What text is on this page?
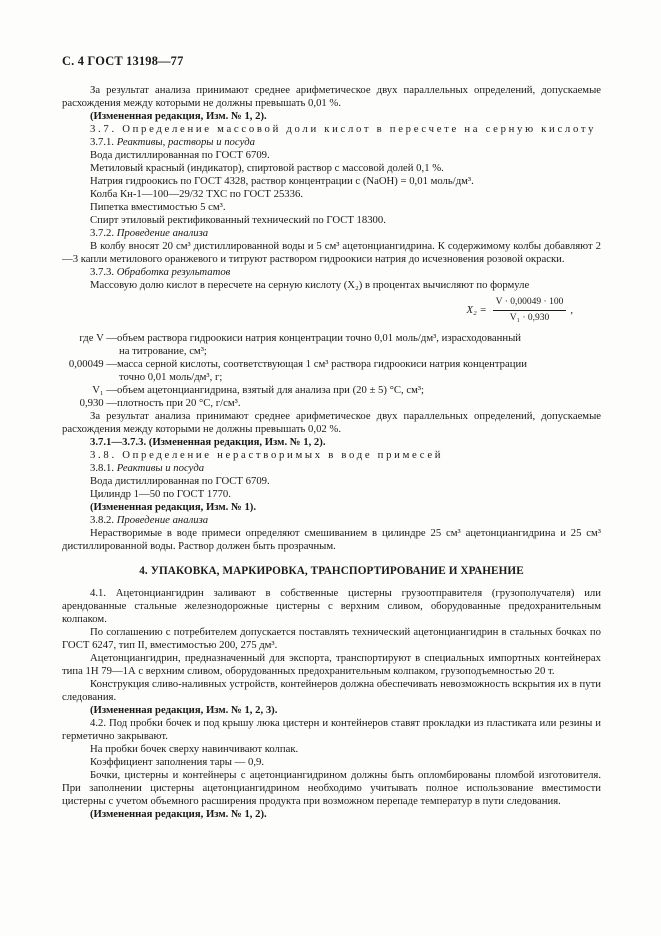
С. 4 ГОСТ 13198—77

За результат анализа принимают среднее арифметическое двух параллельных определений, допускаемые расхождения между которыми не должны превышать 0,01 %.

(Измененная редакция, Изм. № 1, 2).

3.7. Определение массовой доли кислот в пересчете на серную кислоту

3.7.1. Реактивы, растворы и посуда

Вода дистиллированная по ГОСТ 6709.

Метиловый красный (индикатор), спиртовой раствор с массовой долей 0,1 %.

Натрия гидроокись по ГОСТ 4328, раствор концентрации c (NaOH) = 0,01 моль/дм³.

Колба Кн-1—100—29/32 ТХС по ГОСТ 25336.

Пипетка вместимостью 5 см³.

Спирт этиловый ректификованный технический по ГОСТ 18300.

3.7.2. Проведение анализа

В колбу вносят 20 см³ дистиллированной воды и 5 см³ ацетонциангидрина. К содержимому колбы добавляют 2—3 капли метилового оранжевого и титруют раствором гидроокиси натрия до исчезновения розовой окраски.

3.7.3. Обработка результатов

Массовую долю кислот в пересчете на серную кислоту (X₂) в процентах вычисляют по формуле

$X_2 = \frac{V \cdot 0,00049 \cdot 100}{\text{V₁ · 0,930}}$ ,
где V — объем раствора гидроокиси натрия концентрации точно 0,01 моль/дм³, израсходованный
на титрование, см³;
0,00049 — масса серной кислоты, соответствующая 1 см³ раствора гидроокиси натрия концентрации
точно 0,01 моль/дм³, г;
V₁ — объем ацетонциангидрина, взятый для анализа при (20 ± 5) °С, см³;
0,930 — плотность при 20 °С, г/см³.

За результат анализа принимают среднее арифметическое двух параллельных определений, допускаемые расхождения между которыми не должны превышать 0,02 %.

3.7.1—3.7.3. (Измененная редакция, Изм. № 1, 2).

3.8. Определение нерастворимых в воде примесей

3.8.1. Реактивы и посуда

Вода дистиллированная по ГОСТ 6709.

Цилиндр 1—50 по ГОСТ 1770.

(Измененная редакция, Изм. № 1).

3.8.2. Проведение анализа

Нерастворимые в воде примеси определяют смешиванием в цилиндре 25 см³ ацетонциангидрина и 25 см³ дистиллированной воды. Раствор должен быть прозрачным.

4. УПАКОВКА, МАРКИРОВКА, ТРАНСПОРТИРОВАНИЕ И ХРАНЕНИЕ

4.1. Ацетонциангидрин заливают в собственные цистерны грузоотправителя (грузополучателя) или арендованные стальные железнодорожные цистерны с верхним сливом, оборудованные предохранительным колпаком.

По соглашению с потребителем допускается поставлять технический ацетонциангидрин в стальных бочках по ГОСТ 6247, тип II, вместимостью 200, 275 дм³.

Ацетонциангидрин, предназначенный для экспорта, транспортируют в специальных импортных контейнерах типа 1Н 79—1А с верхним сливом, оборудованных предохранительным колпаком, грузоподъемностью 20 т.

Конструкция сливо-наливных устройств, контейнеров должна обеспечивать невозможность вскрытия их в пути следования.

(Измененная редакция, Изм. № 1, 2, 3).

4.2. Под пробки бочек и под крышу люка цистерн и контейнеров ставят прокладки из пластиката или резины и герметично закрывают.

На пробки бочек сверху навинчивают колпак.

Коэффициент заполнения тары — 0,9.

Бочки, цистерны и контейнеры с ацетонциангидрином должны быть опломбированы пломбой изготовителя. При заполнении цистерны ацетонциангидрином необходимо учитывать полное использование вместимости цистерны с учетом объемного расширения продукта при возможном перепаде температур в пути следования.

(Измененная редакция, Изм. № 1, 2).
